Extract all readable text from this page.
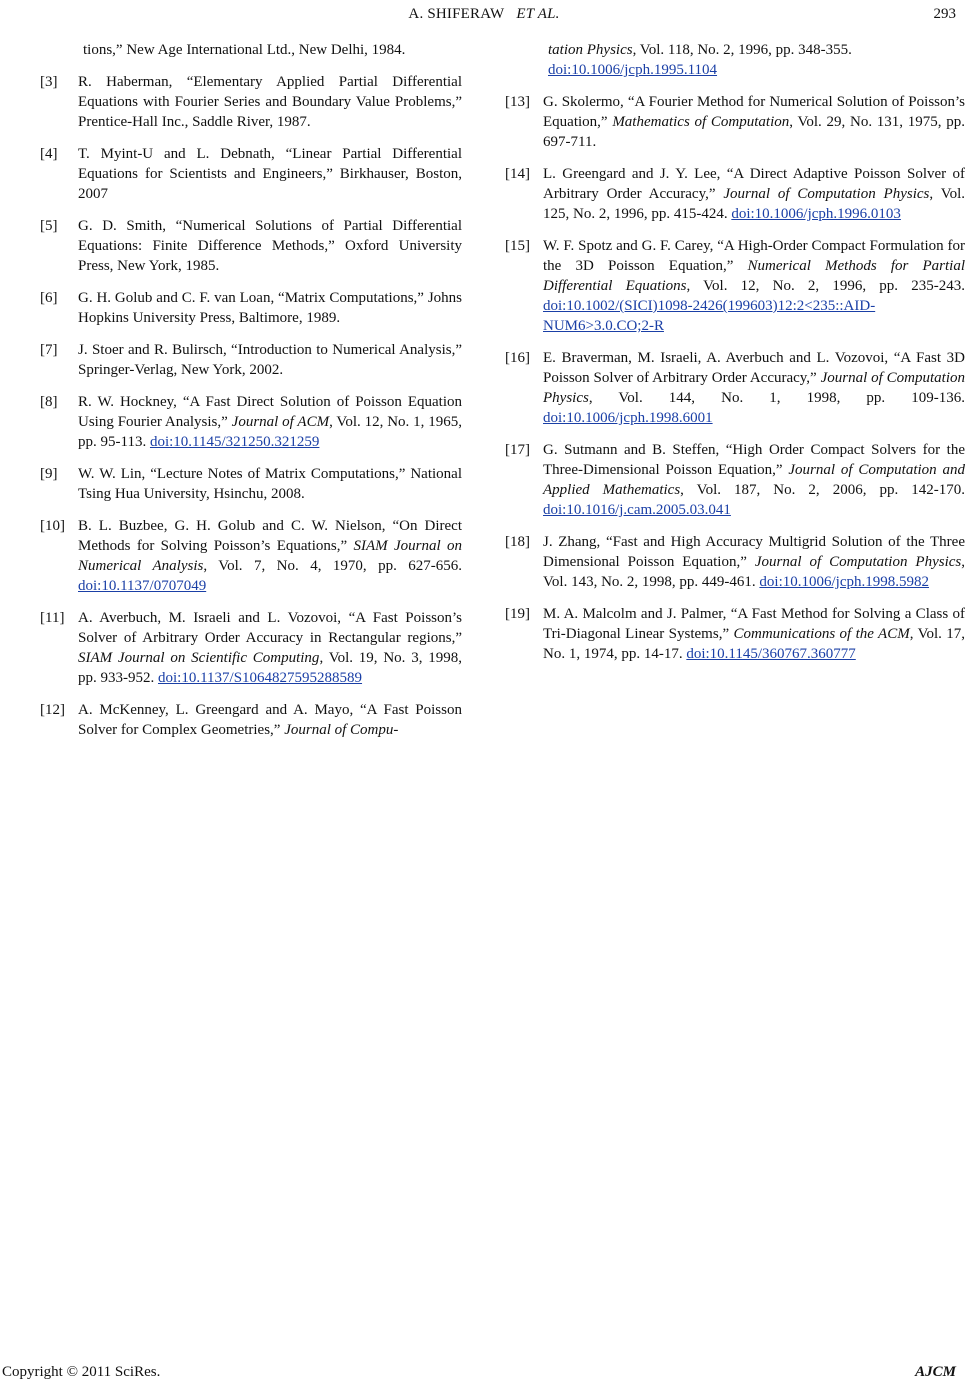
A. SHIFERAW ET AL.	293
tions,” New Age International Ltd., New Delhi, 1984.
[3] R. Haberman, “Elementary Applied Partial Differential Equations with Fourier Series and Boundary Value Problems,” Prentice-Hall Inc., Saddle River, 1987.
[4] T. Myint-U and L. Debnath, “Linear Partial Differential Equations for Scientists and Engineers,” Birkhauser, Boston, 2007
[5] G. D. Smith, “Numerical Solutions of Partial Differential Equations: Finite Difference Methods,” Oxford University Press, New York, 1985.
[6] G. H. Golub and C. F. van Loan, “Matrix Computations,” Johns Hopkins University Press, Baltimore, 1989.
[7] J. Stoer and R. Bulirsch, “Introduction to Numerical Analysis,” Springer-Verlag, New York, 2002.
[8] R. W. Hockney, “A Fast Direct Solution of Poisson Equation Using Fourier Analysis,” Journal of ACM, Vol. 12, No. 1, 1965, pp. 95-113. doi:10.1145/321250.321259
[9] W. W. Lin, “Lecture Notes of Matrix Computations,” National Tsing Hua University, Hsinchu, 2008.
[10] B. L. Buzbee, G. H. Golub and C. W. Nielson, “On Direct Methods for Solving Poisson’s Equations,” SIAM Journal on Numerical Analysis, Vol. 7, No. 4, 1970, pp. 627-656. doi:10.1137/0707049
[11] A. Averbuch, M. Israeli and L. Vozovoi, “A Fast Poisson’s Solver of Arbitrary Order Accuracy in Rectangular regions,” SIAM Journal on Scientific Computing, Vol. 19, No. 3, 1998, pp. 933-952. doi:10.1137/S1064827595288589
[12] A. McKenney, L. Greengard and A. Mayo, “A Fast Poisson Solver for Complex Geometries,” Journal of Compu-
tation Physics, Vol. 118, No. 2, 1996, pp. 348-355.
doi:10.1006/jcph.1995.1104
[13] G. Skolermo, “A Fourier Method for Numerical Solution of Poisson’s Equation,” Mathematics of Computation, Vol. 29, No. 131, 1975, pp. 697-711.
[14] L. Greengard and J. Y. Lee, “A Direct Adaptive Poisson Solver of Arbitrary Order Accuracy,” Journal of Computation Physics, Vol. 125, No. 2, 1996, pp. 415-424. doi:10.1006/jcph.1996.0103
[15] W. F. Spotz and G. F. Carey, “A High-Order Compact Formulation for the 3D Poisson Equation,” Numerical Methods for Partial Differential Equations, Vol. 12, No. 2, 1996, pp. 235-243. doi:10.1002/(SICI)1098-2426(199603)12:2<235::AID-NUM6>3.0.CO;2-R
[16] E. Braverman, M. Israeli, A. Averbuch and L. Vozovoi, “A Fast 3D Poisson Solver of Arbitrary Order Accuracy,” Journal of Computation Physics, Vol. 144, No. 1, 1998, pp. 109-136. doi:10.1006/jcph.1998.6001
[17] G. Sutmann and B. Steffen, “High Order Compact Solvers for the Three-Dimensional Poisson Equation,” Journal of Computation and Applied Mathematics, Vol. 187, No. 2, 2006, pp. 142-170. doi:10.1016/j.cam.2005.03.041
[18] J. Zhang, “Fast and High Accuracy Multigrid Solution of the Three Dimensional Poisson Equation,” Journal of Computation Physics, Vol. 143, No. 2, 1998, pp. 449-461. doi:10.1006/jcph.1998.5982
[19] M. A. Malcolm and J. Palmer, “A Fast Method for Solving a Class of Tri-Diagonal Linear Systems,” Communications of the ACM, Vol. 17, No. 1, 1974, pp. 14-17. doi:10.1145/360767.360777
Copyright © 2011 SciRes.	AJCM
